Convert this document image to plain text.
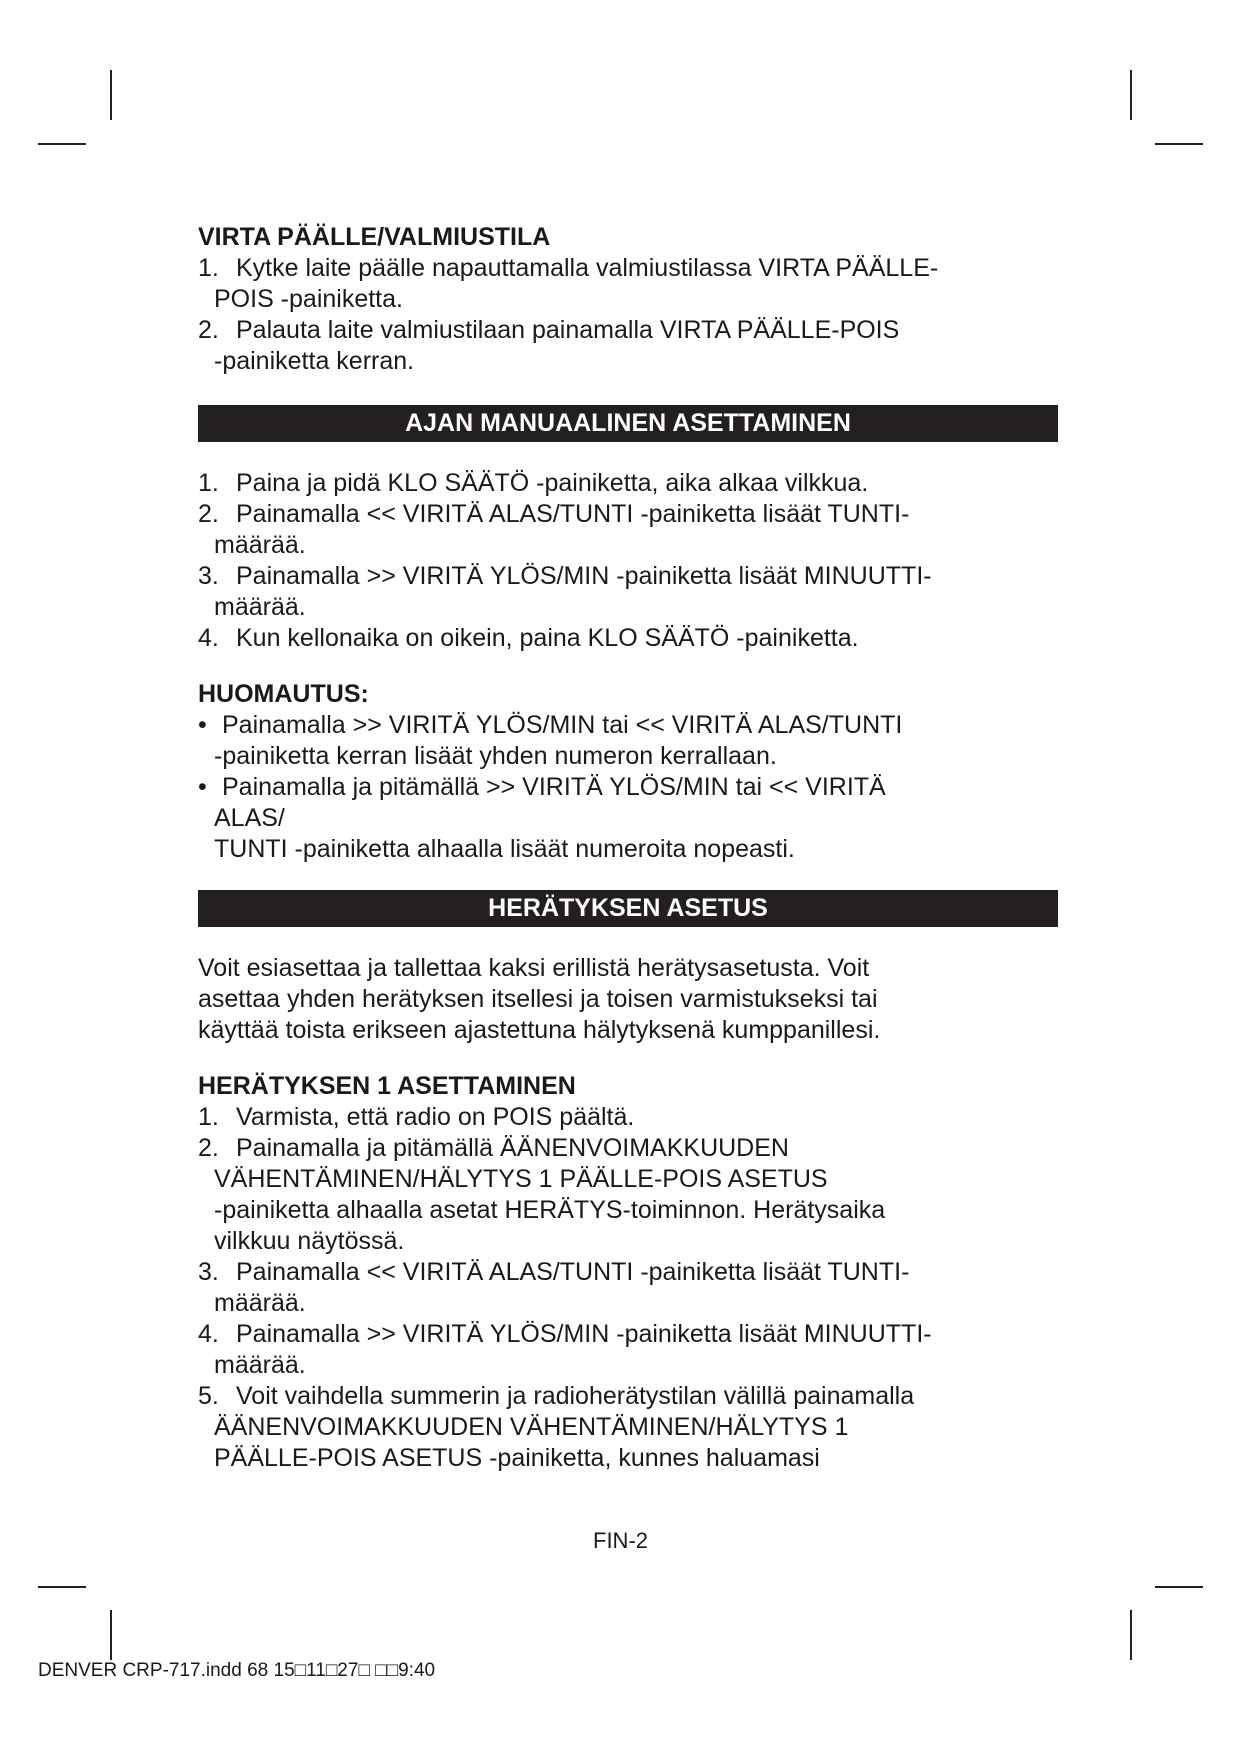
VIRTA PÄÄLLE/VALMIUSTILA

1. Kytke laite päälle napauttamalla valmiustilassa VIRTA PÄÄLLE-
POIS -painiketta.
2. Palauta laite valmiustilaan painamalla VIRTA PÄÄLLE-POIS
-painiketta kerran.
AJAN MANUAALINEN ASETTAMINEN
1. Paina ja pidä KLO SÄÄTÖ -painiketta, aika alkaa vilkkua.
2. Painamalla << VIRITÄ ALAS/TUNTI -painiketta lisäät TUNTI-
määrää.
3. Painamalla >> VIRITÄ YLÖS/MIN -painiketta lisäät MINUUTTI-
määrää.
4. Kun kellonaika on oikein, paina KLO SÄÄTÖ -painiketta.

HUOMAUTUS:

• Painamalla >> VIRITÄ YLÖS/MIN tai << VIRITÄ ALAS/TUNTI
-painiketta kerran lisäät yhden numeron kerrallaan.
• Painamalla ja pitämällä >> VIRITÄ YLÖS/MIN tai << VIRITÄ
ALAS/
TUNTI -painiketta alhaalla lisäät numeroita nopeasti.
HERÄTYKSEN ASETUS

Voit esiasettaa ja tallettaa kaksi erillistä herätysasetusta. Voit

asettaa yhden herätyksen itsellesi ja toisen varmistukseksi tai

käyttää toista erikseen ajastettuna hälytyksenä kumppanillesi.

HERÄTYKSEN 1 ASETTAMINEN

1. Varmista, että radio on POIS päältä.
2. Painamalla ja pitämällä ÄÄNENVOIMAKKUUDEN
VÄHENTÄMINEN/HÄLYTYS 1 PÄÄLLE-POIS ASETUS
-painiketta alhaalla asetat HERÄTYS-toiminnon. Herätysaika
vilkkuu näytössä.
3. Painamalla << VIRITÄ ALAS/TUNTI -painiketta lisäät TUNTI-
määrää.
4. Painamalla >> VIRITÄ YLÖS/MIN -painiketta lisäät MINUUTTI-
määrää.
5. Voit vaihdella summerin ja radioherätystilan välillä painamalla
ÄÄNENVOIMAKKUUDEN VÄHENTÄMINEN/HÄLYTYS 1
PÄÄLLE-POIS ASETUS -painiketta, kunnes haluamasi
FIN-2
DENVER CRP-717.indd 68 15□11□27□ □□9:40
